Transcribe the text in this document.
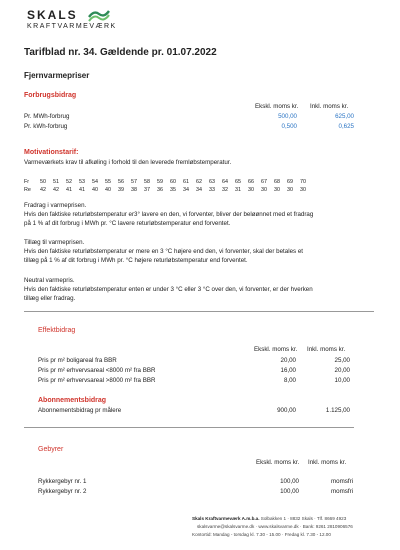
SKALS
KRAFTVARMEVÆRK
Tarifblad nr. 34. Gældende pr. 01.07.2022
Fjernvarmepriser
Forbrugsbidrag
Ekskl. moms kr. Inkl. moms kr.
Pr. MWh-forbrug	500,00	625,00
Pr. kWh-forbrug	0,500	0,625
Motivationstarif:
Varmeværkets krav til afkøling i forhold til den leverede fremløbstemperatur.
Fr	50	51	52	53	54	55	56	57	58	59	60	61	62	63	64	65	66	67	68	69	70
Re	42	42	41	41	40	40	39	38	37	36	35	34	34	33	32	31	30	30	30	30	30
Fradrag i varmeprisen.
Hvis den faktiske returløbstemperatur er3° lavere en den, vi forventer, bliver der beløønnet med et fradrag
på 1 % af dit forbrug i MWh pr. °C lavere returløbstemperatur end forventet.
Tillæg til varmeprisen.
Hvis den faktiske returløbstemperatur er mere en 3 °C højere end den, vi forventer, skal der betales et
tillæg på 1 % af dit forbrug i MWh pr. °C højere returløbstemperatur end forventet.
Neutral varmepris.
Hvis den faktiske returløbstemperatur enten er under 3 °C eller 3 °C over den, vi forventer, er der hverken
tillæg eller fradrag.
Effektbidrag
Ekskl. moms kr. Inkl. moms kr.
Pris pr m² boligareal fra BBR	20,00	25,00
Pris pr m² erhvervsareal <8000 m² fra BBR	16,00	20,00
Pris pr m² erhvervsareal >8000 m² fra BBR	8,00	10,00
Abonnementsbidrag
Abonnementsbidrag pr målere	900,00	1.125,00
Gebyrer
Ekskl. moms kr. Inkl. moms kr.
Rykkergebyr nr. 1	100,00	momsfri
Rykkergebyr nr. 2	100,00	momsfri
Skals Kraftvarmeværk A.m.b.a. Solbakken 1 · 8832 Skals · Tlf. 8669 4923
skalsvarme@skalsvarme.dk · www.skalsvarme.dk · Bank: 9261 2810906576
Kontortid: Mandag - torsdag kl. 7.30 - 15.00 · Fredag kl. 7.30 - 12.00
